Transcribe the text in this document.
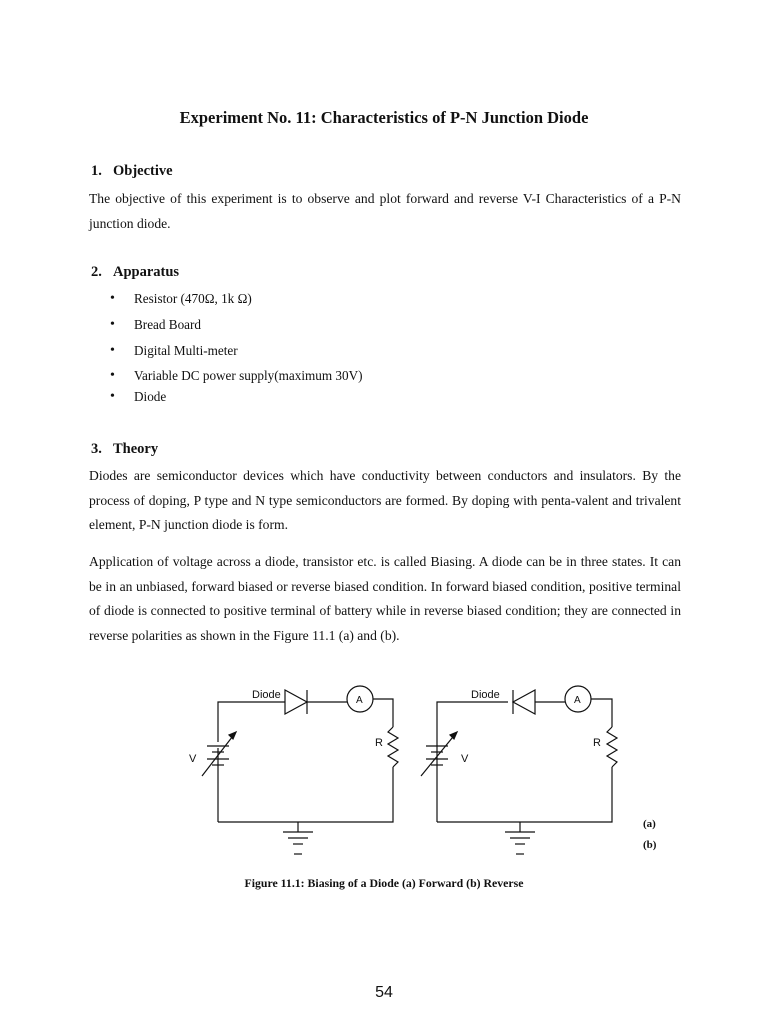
Experiment No. 11: Characteristics of P-N Junction Diode
1. Objective
The objective of this experiment is to observe and plot forward and reverse V-I Characteristics of a P-N junction diode.
2. Apparatus
• Resistor (470Ω, 1k Ω)
• Bread Board
• Digital Multi-meter
• Variable DC power supply(maximum 30V)
• Diode
3. Theory
Diodes are semiconductor devices which have conductivity between conductors and insulators. By the process of doping, P type and N type semiconductors are formed. By doping with penta-valent and trivalent element, P-N junction diode is form.
Application of voltage across a diode, transistor etc. is called Biasing. A diode can be in three states. It can be in an unbiased, forward biased or reverse biased condition. In forward biased condition, positive terminal of diode is connected to positive terminal of battery while in reverse biased condition; they are connected in reverse polarities as shown in the Figure 11.1 (a) and (b).
Diode	A
R
V
Diode	A
R
V
(a)
(b)
Figure 11.1: Biasing of a Diode (a) Forward (b) Reverse
54
